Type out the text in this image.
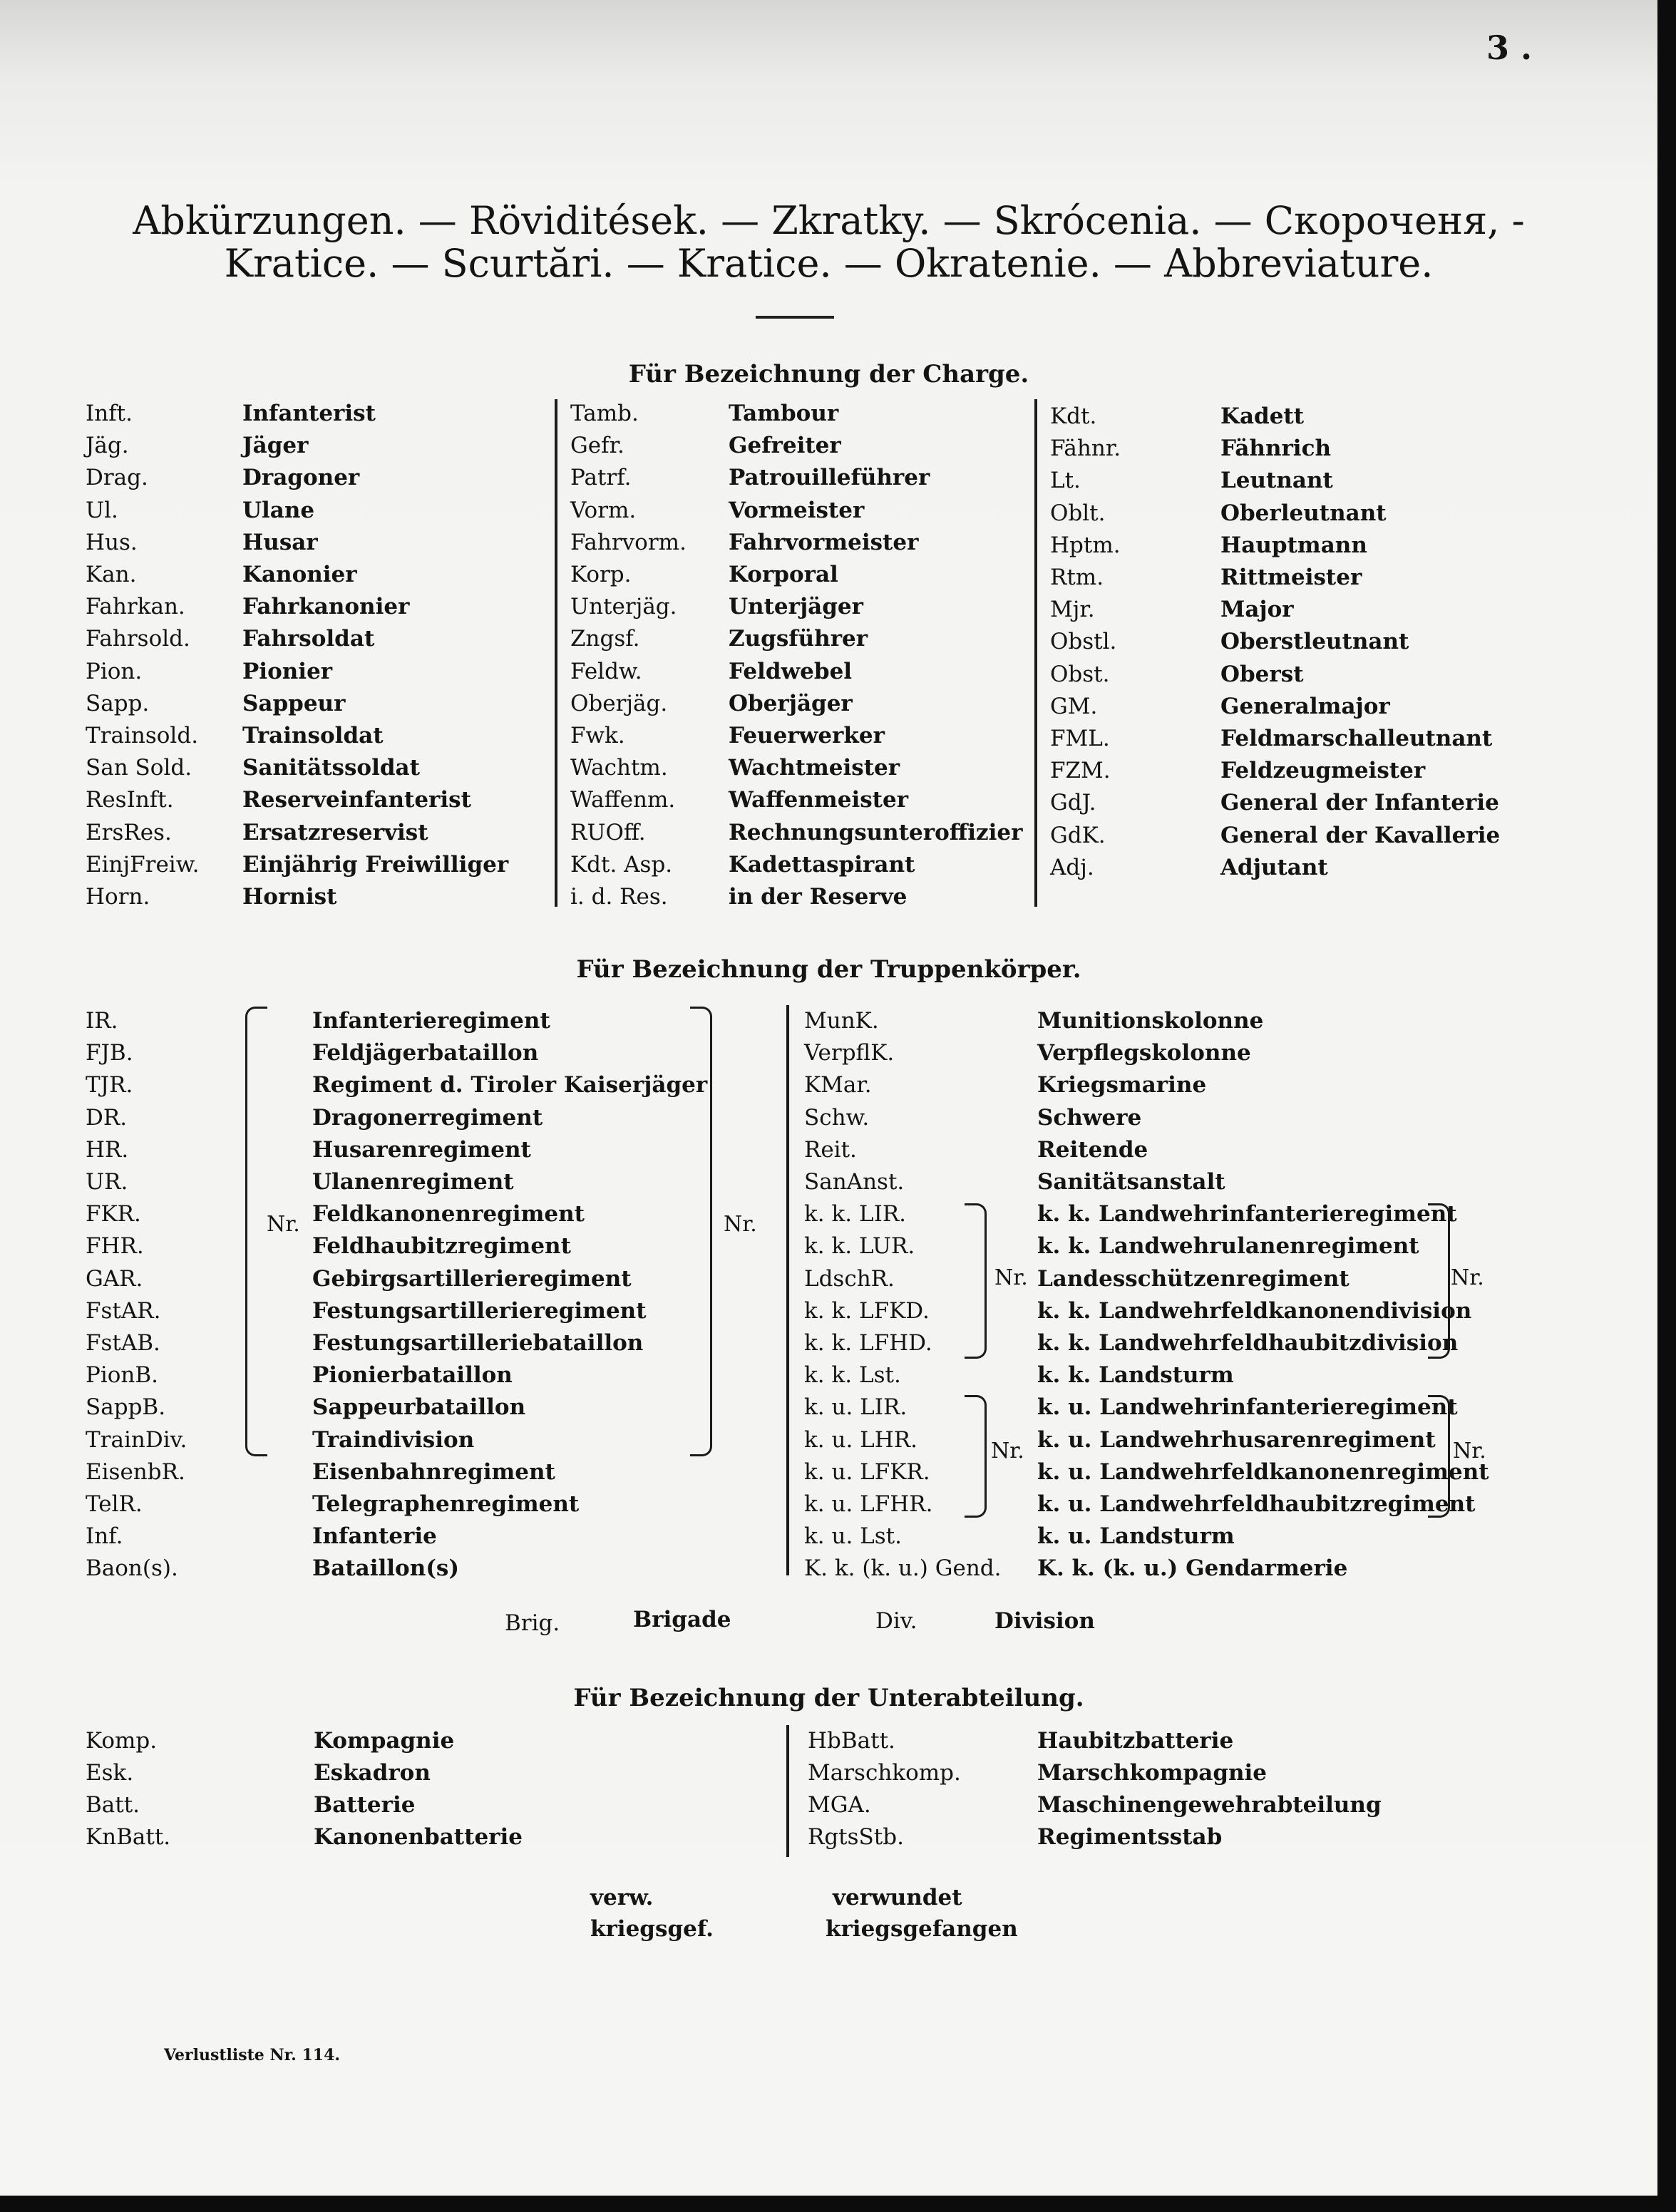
3 .
Abkürzungen. — Röviditések. — Zkratky. — Skrócenia. — Скороченя, -
Kratice. — Scurtări. — Kratice. — Okratenie. — Abbreviature.
Für Bezeichnung der Charge.
Inft.	Infanterist
Jäg.	Jäger
Drag.	Dragoner
Ul.	Ulane
Hus.	Husar
Kan.	Kanonier
Fahrkan.	Fahrkanonier
Fahrsold. Fahrsoldat
Pion.	Pionier
Sapp.	Sappeur
Trainsold. Trainsoldat
San Sold. Sanitätssoldat
ResInft.	Reserveinfanterist
ErsRes.	Ersatzreservist
EinjFreiw. Einjährig Freiwilliger
Horn.	Hornist
Tamb.	Tambour
Gefr.	Gefreiter
Patrf.	Patrouilleführer
Vorm.	Vormeister
Fahrvorm. Fahrvormeister
Korp.	Korporal
Unterjäg. Unterjäger
Zngsf.	Zugsführer
Feldw.	Feldwebel
Oberjäg.	Oberjäger
Fwk.	Feuerwerker
Wachtm.	Wachtmeister
Waffenm. Waffenmeister
RUOff.	Rechnungsunteroffizier
Kdt. Asp.	Kadettaspirant
i. d. Res.	in der Reserve
Kdt.	Kadett
Fähnr.	Fähnrich
Lt.	Leutnant
Oblt.	Oberleutnant
Hptm.	Hauptmann
Rtm.	Rittmeister
Mjr.	Major
Obstl.	Oberstleutnant
Obst.	Oberst
GM.	Generalmajor
FML.	Feldmarschalleutnant
FZM.	Feldzeugmeister
GdJ.	General der Infanterie
GdK.	General der Kavallerie
Adj.	Adjutant
Für Bezeichnung der Truppenkörper.
IR.	Infanterieregiment
FJB.	Feldjägerbataillon
TJR.	Regiment d. Tiroler Kaiserjäger
DR.	Dragonerregiment
HR.	Husarenregiment
UR.	Ulanenregiment
FKR.	Feldkanonenregiment
FHR.	Feldhaubitzregiment
GAR.	Gebirgsartillerieregiment
FstAR.	Festungsartillerieregiment
FstAB.	Festungsartilleriebataillon
PionB.	Pionierbataillon
SappB.	Sappeurbataillon
TrainDiv.	Traindivision
EisenbR.	Eisenbahnregiment
TelR.	Telegraphenregiment
Inf.	Infanterie
Baon(s).	Bataillon(s)
MunK.	Munitionskolonne
VerpflK.	Verpflegskolonne
KMar.	Kriegsmarine
Schw.	Schwere
Reit.	Reitende
SanAnst.	Sanitätsanstalt
k. k. LIR.	k. k. Landwehrinfanterieregiment
k. k. LUR.	k. k. Landwehrulanenregiment
LdschR.	Landesschützenregiment
k. k. LFKD.	k. k. Landwehrfeldkanonendivision
k. k. LFHD.	k. k. Landwehrfeldhaubitzdivision
k. k. Lst.	k. k. Landsturm
k. u. LIR.	k. u. Landwehrinfanterieregiment
k. u. LHR.	k. u. Landwehrhusarenregiment
k. u. LFKR.	k. u. Landwehrfeldkanonenregiment
k. u. LFHR.	k. u. Landwehrfeldhaubitzregiment
k. u. Lst.	k. u. Landsturm
K. k. (k. u.) Gend. K. k. (k. u.) Gendarmerie
Nr.	Nr.
Nr.	Nr.
Nr.	Nr.
Brig.	Brigade	Div.	Division
Für Bezeichnung der Unterabteilung.
Komp.	Kompagnie
Esk.	Eskadron
Batt.	Batterie
KnBatt.	Kanonenbatterie
HbBatt.	Haubitzbatterie
Marschkomp.	Marschkompagnie
MGA.	Maschinengewehrabteilung
RgtsStb.	Regimentsstab
verw.	verwundet
kriegsgef.	kriegsgefangen
Verlustliste Nr. 114.
